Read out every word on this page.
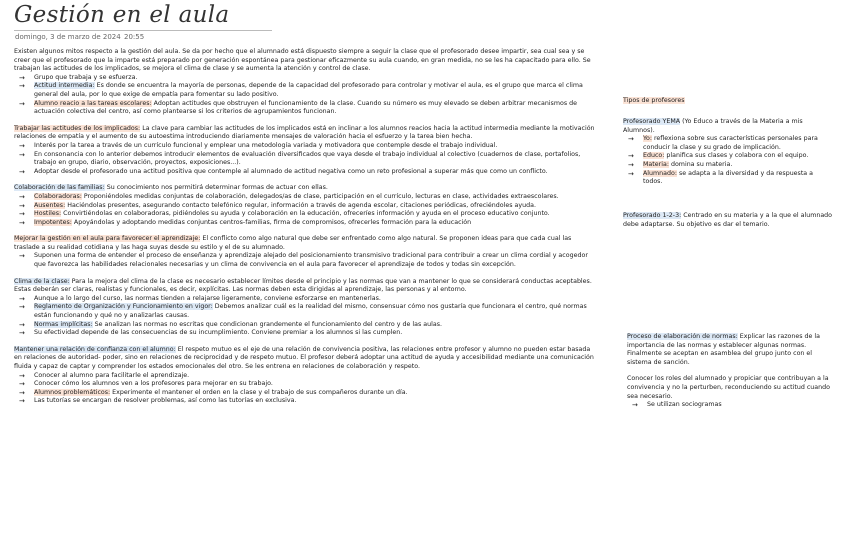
Gestión en el aula
domingo, 3 de marzo de 2024 20:55

Existen algunos mitos respecto a la gestión del aula. Se da por hecho que el alumnado está dispuesto siempre a seguir la clase que el profesorado desee impartir, sea cual sea y se creer que el profesorado que la imparte está preparado por generación espontánea para gestionar eficazmente su aula cuando, en gran medida, no se les ha capacitado para ello. Se trabajan las actitudes de los implicados, se mejora el clima de clase y se aumenta la atención y control de clase.

→ Grupo que trabaja y se esfuerza.
→ Actitud intermedia: Es donde se encuentra la mayoría de personas, depende de la capacidad del profesorado para controlar y motivar el aula, es el grupo que marca el clima general del aula, por lo que exige de empatía para fomentar su lado positivo.
→ Alumno reacio a las tareas escolares: Adoptan actitudes que obstruyen el funcionamiento de la clase. Cuando su número es muy elevado se deben arbitrar mecanismos de actuación colectiva del centro, así como plantearse si los criterios de agrupamientos funcionan.

Trabajar las actitudes de los implicados: La clave para cambiar las actitudes de los implicados está en inclinar a los alumnos reacios hacia la actitud intermedia mediante la motivación relaciones de empatía y el aumento de su autoestima introduciendo diariamente mensajes de valoración hacia el esfuerzo y la tarea bien hecha.

→ Interés por la tarea a través de un currículo funcional y emplear una metodología variada y motivadora que contemple desde el trabajo individual.
→ En consonancia con lo anterior debemos introducir elementos de evaluación diversificados que vaya desde el trabajo individual al colectivo (cuadernos de clase, portafolios, trabajo en grupo, diario, observación, proyectos, exposiciones...).
→ Adoptar desde el profesorado una actitud positiva que contemple al alumnado de actitud negativa como un reto profesional a superar más que como un conflicto.

Colaboración de las familias: Su conocimiento nos permitirá determinar formas de actuar con ellas.

→ Colaboradoras: Proponiéndoles medidas conjuntas de colaboración, delegados/as de clase, participación en el currículo, lecturas en clase, actividades extraescolares.
→ Ausentes: Haciéndolas presentes, asegurando contacto telefónico regular, información a través de agenda escolar, citaciones periódicas, ofreciéndoles ayuda.
→ Hostiles: Convirtiéndolas en colaboradoras, pidiéndoles su ayuda y colaboración en la educación, ofreceríes información y ayuda en el proceso educativo conjunto.
→ Impotentes: Apoyándolas y adoptando medidas conjuntas centros-familias, firma de compromisos, ofrecerles formación para la educación

Mejorar la gestión en el aula para favorecer el aprendizaje: El conflicto como algo natural que debe ser enfrentado como algo natural. Se proponen ideas para que cada cual las traslade a su realidad cotidiana y las haga suyas desde su estilo y el de su alumnado.

→ Suponen una forma de entender el proceso de enseñanza y aprendizaje alejado del posicionamiento transmisivo tradicional para contribuir a crear un clima cordial y acogedor que favorezca las habilidades relacionales necesarias y un clima de convivencia en el aula para favorecer el aprendizaje de todos y todas sin excepción.

Clima de la clase: Para la mejora del clima de la clase es necesario establecer límites desde el principio y las normas que van a mantener lo que se considerará conductas aceptables. Estas deberán ser claras, realistas y funcionales, es decir, explícitas. Las normas deben esta dirigidas al aprendizaje, las personas y al entorno.

→ Aunque a lo largo del curso, las normas tienden a relajarse ligeramente, conviene esforzarse en mantenerlas.
→ Reglamento de Organización y Funcionamiento en vigor: Debemos analizar cuál es la realidad del mismo, consensuar cómo nos gustaría que funcionara el centro, qué normas están funcionando y qué no y analizarlas causas.
→ Normas implícitas: Se analizan las normas no escritas que condicionan grandemente el funcionamiento del centro y de las aulas.
→ Su efectividad depende de las consecuencias de su incumplimiento. Conviene premiar a los alumnos si las cumplen.

Mantener una relación de confianza con el alumno: El respeto mutuo es el eje de una relación de convivencia positiva, las relaciones entre profesor y alumno no pueden estar basada en relaciones de autoridad- poder, sino en relaciones de reciprocidad y de respeto mutuo. El profesor deberá adoptar una actitud de ayuda y accesibilidad mediante una comunicación fluida y capaz de captar y comprender los estados emocionales del otro. Se les entrena en relaciones de colaboración y respeto.

→ Conocer al alumno para facilitarle el aprendizaje.
→ Conocer cómo los alumnos ven a los profesores para mejorar en su trabajo.
→ Alumnos problemáticos: Experimente el mantener el orden en la clase y el trabajo de sus compañeros durante un día.
→ Las tutorías se encargan de resolver problemas, así como las tutorías en exclusiva.

Tipos de profesores

Profesorado YEMA (Yo Educo a través de la Materia a mis Alumnos).

→ Yo: reflexiona sobre sus características personales para conducir la clase y su grado de implicación.
→ Educo: planifica sus clases y colabora con el equipo.
→ Materia: domina su materia.
→ Alumnado: se adapta a la diversidad y da respuesta a todos.

Profesorado 1-2-3: Centrado en su materia y a la que el alumnado debe adaptarse. Su objetivo es dar el temario.

Proceso de elaboración de normas: Explicar las razones de la importancia de las normas y establecer algunas normas. Finalmente se aceptan en asamblea del grupo junto con el sistema de sanción.

Conocer los roles del alumnado y propiciar que contribuyan a la convivencia y no la perturben, reconduciendo su actitud cuando sea necesario.

→ Se utilizan sociogramas
